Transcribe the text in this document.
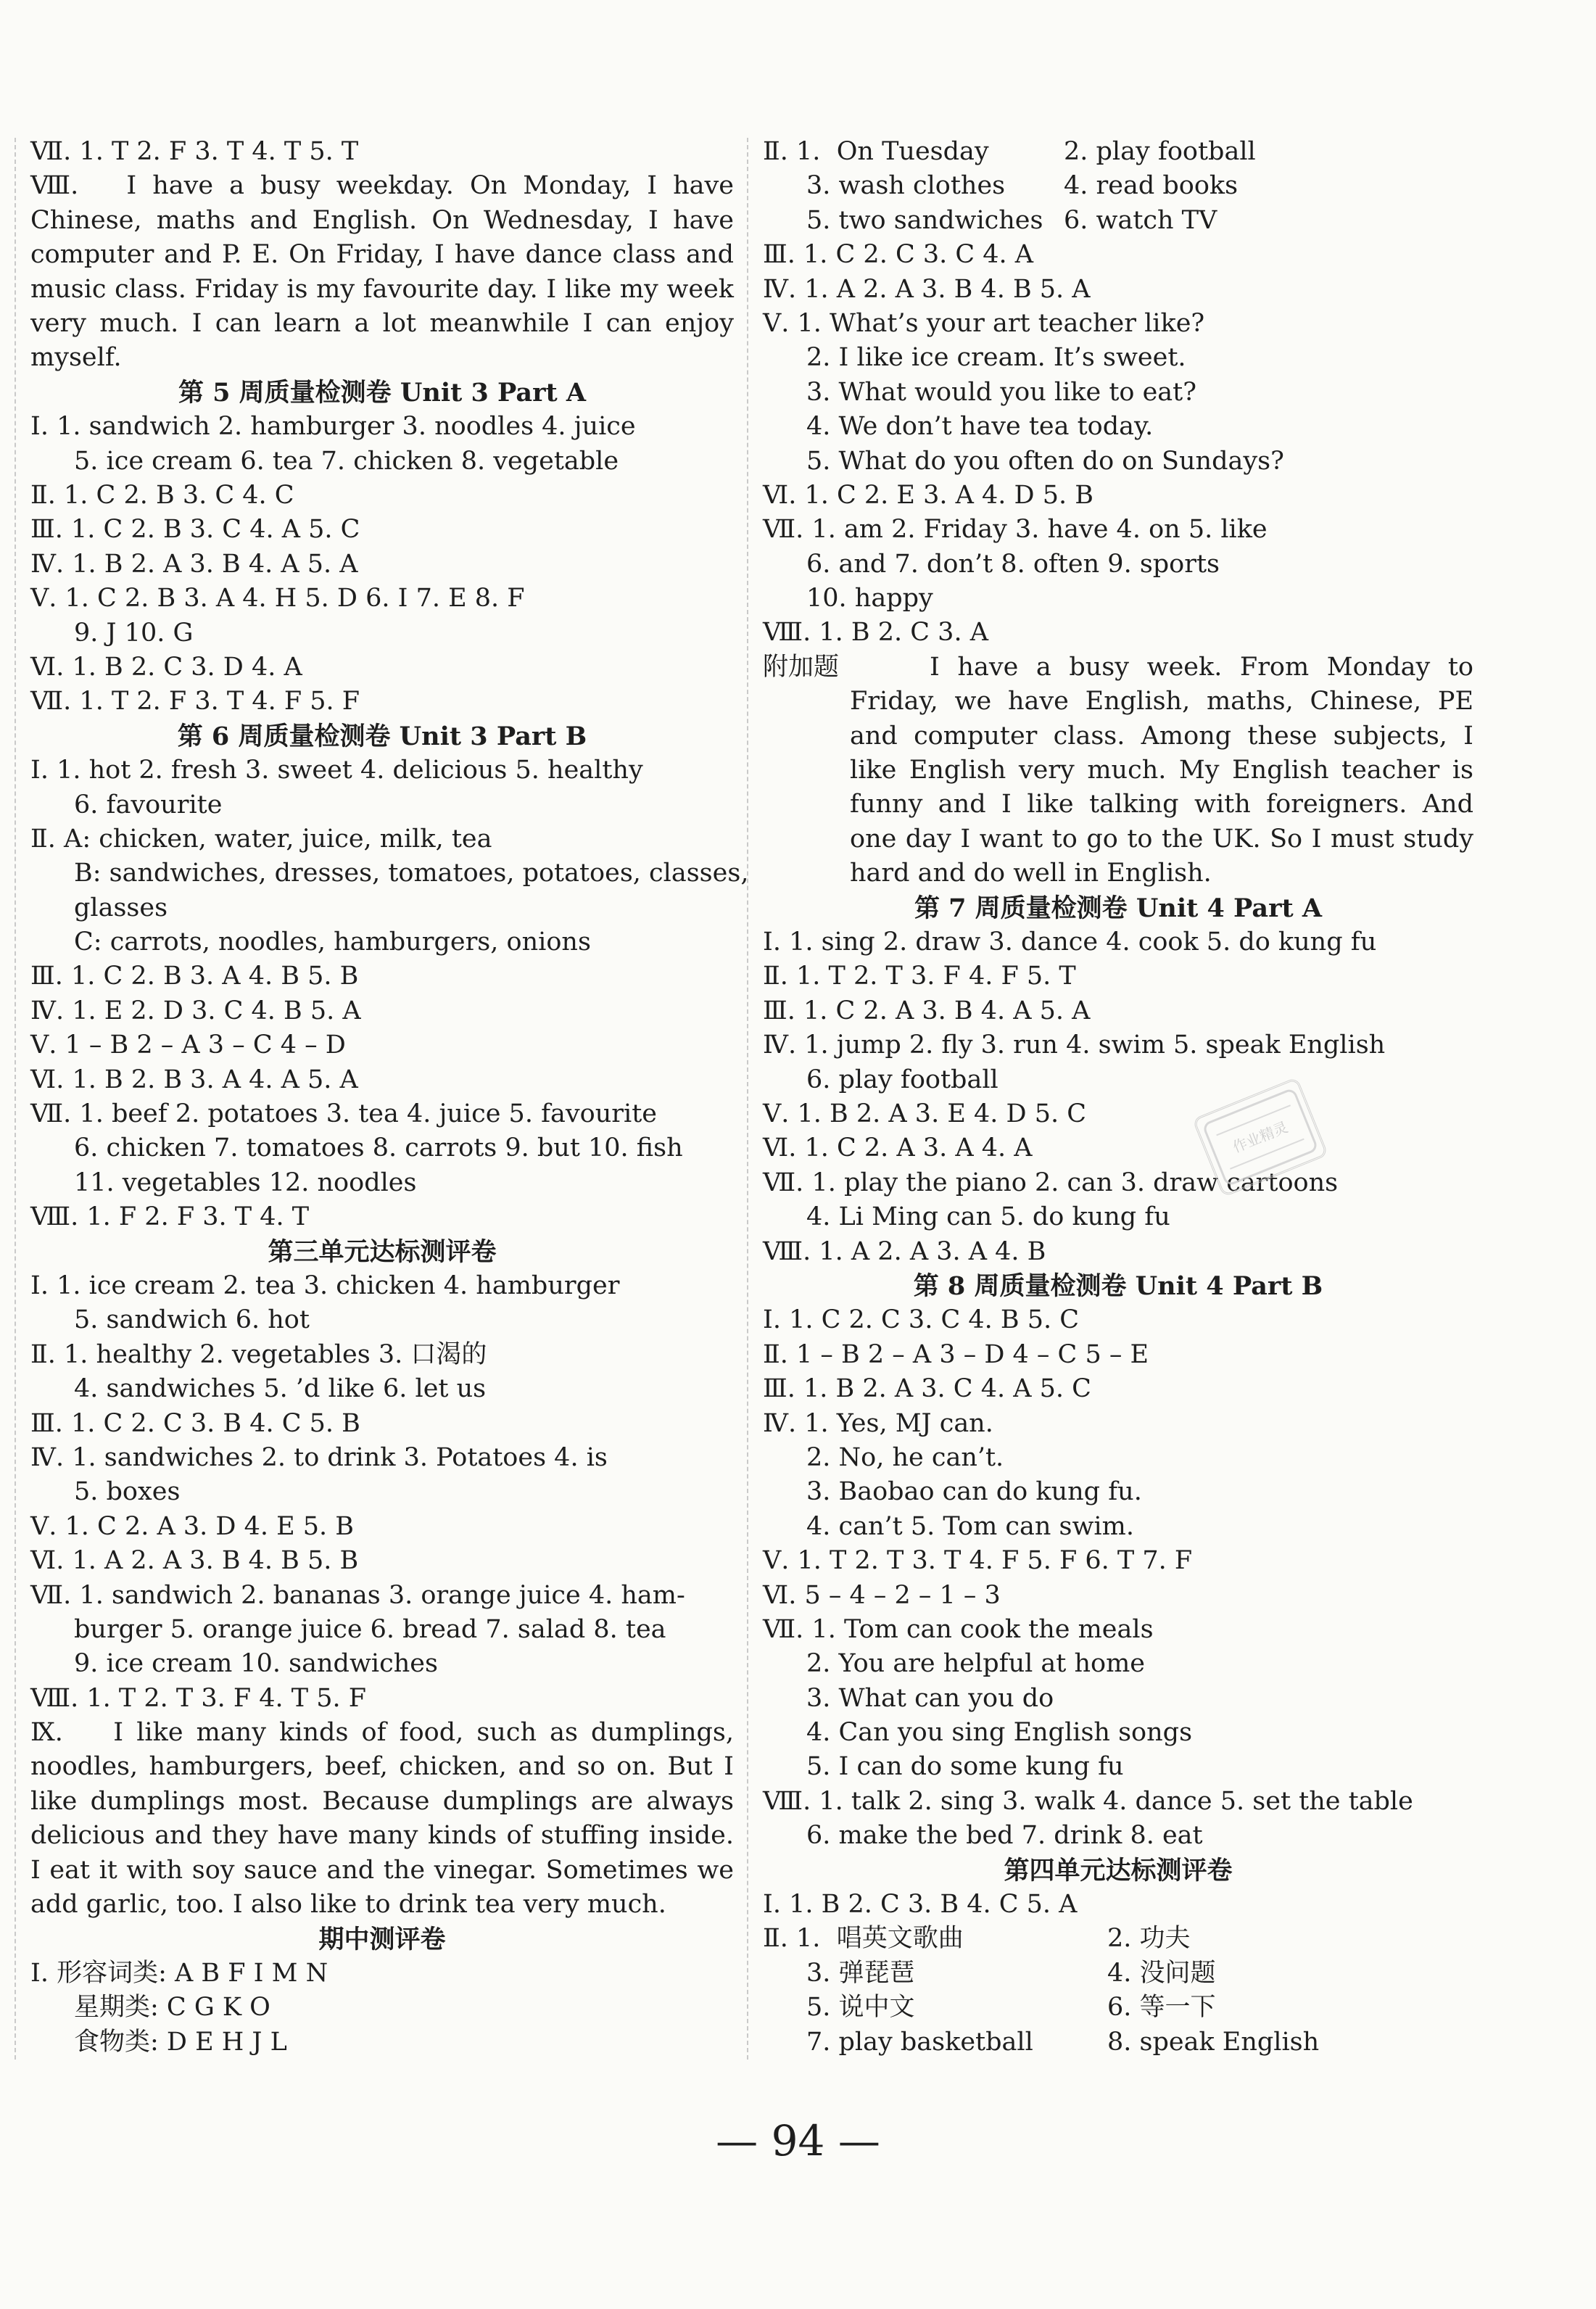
Ⅶ. 1. T 2. F 3. T 4. T 5. T
Ⅷ. I have a busy weekday. On Monday, I have Chinese, maths and English. On Wednesday, I have computer and P. E. On Friday, I have dance class and music class. Friday is my favourite day. I like my week very much. I can learn a lot meanwhile I can enjoy myself.
第 5 周质量检测卷 Unit 3 Part A
Ⅰ. 1. sandwich 2. hamburger 3. noodles 4. juice
5. ice cream 6. tea 7. chicken 8. vegetable
Ⅱ. 1. C 2. B 3. C 4. C
Ⅲ. 1. C 2. B 3. C 4. A 5. C
Ⅳ. 1. B 2. A 3. B 4. A 5. A
Ⅴ. 1. C 2. B 3. A 4. H 5. D 6. I 7. E 8. F
9. J 10. G
Ⅵ. 1. B 2. C 3. D 4. A
Ⅶ. 1. T 2. F 3. T 4. F 5. F
第 6 周质量检测卷 Unit 3 Part B
Ⅰ. 1. hot 2. fresh 3. sweet 4. delicious 5. healthy
6. favourite
Ⅱ. A: chicken, water, juice, milk, tea
B: sandwiches, dresses, tomatoes, potatoes, classes,
glasses
C: carrots, noodles, hamburgers, onions
Ⅲ. 1. C 2. B 3. A 4. B 5. B
Ⅳ. 1. E 2. D 3. C 4. B 5. A
Ⅴ. 1 – B 2 – A 3 – C 4 – D
Ⅵ. 1. B 2. B 3. A 4. A 5. A
Ⅶ. 1. beef 2. potatoes 3. tea 4. juice 5. favourite
6. chicken 7. tomatoes 8. carrots 9. but 10. fish
11. vegetables 12. noodles
Ⅷ. 1. F 2. F 3. T 4. T
第三单元达标测评卷
Ⅰ. 1. ice cream 2. tea 3. chicken 4. hamburger
5. sandwich 6. hot
Ⅱ. 1. healthy 2. vegetables 3. 口渴的
4. sandwiches 5. ’d like 6. let us
Ⅲ. 1. C 2. C 3. B 4. C 5. B
Ⅳ. 1. sandwiches 2. to drink 3. Potatoes 4. is
5. boxes
Ⅴ. 1. C 2. A 3. D 4. E 5. B
Ⅵ. 1. A 2. A 3. B 4. B 5. B
Ⅶ. 1. sandwich 2. bananas 3. orange juice 4. ham-
burger 5. orange juice 6. bread 7. salad 8. tea
9. ice cream 10. sandwiches
Ⅷ. 1. T 2. T 3. F 4. T 5. F
Ⅸ. I like many kinds of food, such as dumplings, noodles, hamburgers, beef, chicken, and so on. But I like dumplings most. Because dumplings are always delicious and they have many kinds of stuffing inside. I eat it with soy sauce and the vinegar. Sometimes we add garlic, too. I also like to drink tea very much.
期中测评卷
Ⅰ. 形容词类: A B F I M N
星期类: C G K O
食物类: D E H J L
Ⅱ. 1. On Tuesday	2. play football
3. wash clothes	4. read books
5. two sandwiches 6. watch TV
Ⅲ. 1. C 2. C 3. C 4. A
Ⅳ. 1. A 2. A 3. B 4. B 5. A
Ⅴ. 1. What’s your art teacher like?
2. I like ice cream. It’s sweet.
3. What would you like to eat?
4. We don’t have tea today.
5. What do you often do on Sundays?
Ⅵ. 1. C 2. E 3. A 4. D 5. B
Ⅶ. 1. am 2. Friday 3. have 4. on 5. like
6. and 7. don’t 8. often 9. sports
10. happy
Ⅷ. 1. B 2. C 3. A
附加题	I have a busy week. From Monday to Friday, we have English, maths, Chinese, PE and computer class. Among these subjects, I like English very much. My English teacher is funny and I like talking with foreigners. And one day I want to go to the UK. So I must study hard and do well in English.
第 7 周质量检测卷 Unit 4 Part A
Ⅰ. 1. sing 2. draw 3. dance 4. cook 5. do kung fu
Ⅱ. 1. T 2. T 3. F 4. F 5. T
Ⅲ. 1. C 2. A 3. B 4. A 5. A
Ⅳ. 1. jump 2. fly 3. run 4. swim 5. speak English
6. play football
Ⅴ. 1. B 2. A 3. E 4. D 5. C
Ⅵ. 1. C 2. A 3. A 4. A
Ⅶ. 1. play the piano 2. can 3. draw cartoons
4. Li Ming can 5. do kung fu
Ⅷ. 1. A 2. A 3. A 4. B
第 8 周质量检测卷 Unit 4 Part B
Ⅰ. 1. C 2. C 3. C 4. B 5. C
Ⅱ. 1 – B 2 – A 3 – D 4 – C 5 – E
Ⅲ. 1. B 2. A 3. C 4. A 5. C
Ⅳ. 1. Yes, MJ can.
2. No, he can’t.
3. Baobao can do kung fu.
4. can’t 5. Tom can swim.
Ⅴ. 1. T 2. T 3. T 4. F 5. F 6. T 7. F
Ⅵ. 5 – 4 – 2 – 1 – 3
Ⅶ. 1. Tom can cook the meals
2. You are helpful at home
3. What can you do
4. Can you sing English songs
5. I can do some kung fu
Ⅷ. 1. talk 2. sing 3. walk 4. dance 5. set the table
6. make the bed 7. drink 8. eat
第四单元达标测评卷
Ⅰ. 1. B 2. C 3. B 4. C 5. A
Ⅱ. 1. 唱英文歌曲	2. 功夫
3. 弹琵琶	4. 没问题
5. 说中文	6. 等一下
7. play basketball	8. speak English
作业精灵
— 94 —
